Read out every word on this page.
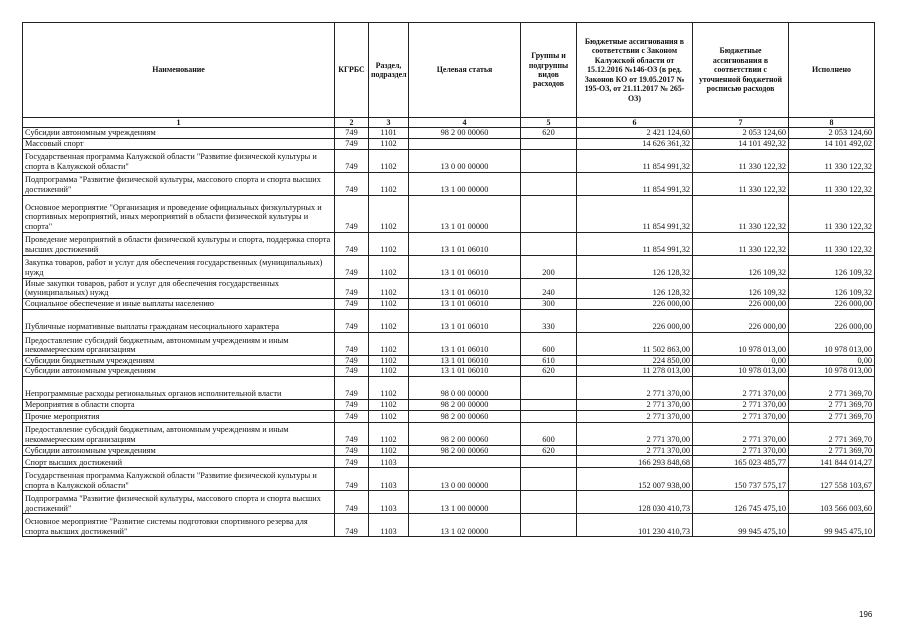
Наименование	КГРБС	Раздел, подраздел	Целевая статья	Группы и подгруппы видов расходов	Бюджетные ассигнования в соответствии с Законом Калужской области от 15.12.2016 №146-ОЗ (в ред. Законов КО от 19.05.2017 № 195-ОЗ, от 21.11.2017 № 265-ОЗ)	Бюджетные ассигнования в соответствии с уточненной бюджетной росписью расходов	Исполнено
1	2	3	4	5	6	7	8
Субсидии автономным учреждениям	749	1101	98 2 00 00060	620	2 421 124,60	2 053 124,60	2 053 124,60
Массовый спорт	749	1102			14 626 361,32	14 101 492,32	14 101 492,02
Государственная программа Калужской области "Развитие физической культуры и спорта в Калужской области"	749	1102	13 0 00 00000		11 854 991,32	11 330 122,32	11 330 122,32
Подпрограмма "Развитие физической культуры, массового спорта и спорта высших достижений"	749	1102	13 1 00 00000		11 854 991,32	11 330 122,32	11 330 122,32
Основное мероприятие "Организация и проведение официальных физкультурных и спортивных мероприятий, иных мероприятий в области физической культуры и спорта"	749	1102	13 1 01 00000		11 854 991,32	11 330 122,32	11 330 122,32
Проведение мероприятий в области физической культуры и спорта, поддержка спорта высших достижений	749	1102	13 1 01 06010		11 854 991,32	11 330 122,32	11 330 122,32
Закупка товаров, работ и услуг для обеспечения государственных (муниципальных) нужд	749	1102	13 1 01 06010	200	126 128,32	126 109,32	126 109,32
Иные закупки товаров, работ и услуг для обеспечения государственных (муниципальных) нужд	749	1102	13 1 01 06010	240	126 128,32	126 109,32	126 109,32
Социальное обеспечение и иные выплаты населению	749	1102	13 1 01 06010	300	226 000,00	226 000,00	226 000,00
Публичные нормативные выплаты гражданам несоциального характера	749	1102	13 1 01 06010	330	226 000,00	226 000,00	226 000,00
Предоставление субсидий бюджетным, автономным учреждениям и иным некоммерческим организациям	749	1102	13 1 01 06010	600	11 502 863,00	10 978 013,00	10 978 013,00
Субсидии бюджетным учреждениям	749	1102	13 1 01 06010	610	224 850,00	0,00	0,00
Субсидии автономным учреждениям	749	1102	13 1 01 06010	620	11 278 013,00	10 978 013,00	10 978 013,00
Непрограммные расходы региональных органов исполнительной власти	749	1102	98 0 00 00000		2 771 370,00	2 771 370,00	2 771 369,70
Мероприятия в области спорта	749	1102	98 2 00 00000		2 771 370,00	2 771 370,00	2 771 369,70
Прочие мероприятия	749	1102	98 2 00 00060		2 771 370,00	2 771 370,00	2 771 369,70
Предоставление субсидий бюджетным, автономным учреждениям и иным некоммерческим организациям	749	1102	98 2 00 00060	600	2 771 370,00	2 771 370,00	2 771 369,70
Субсидии автономным учреждениям	749	1102	98 2 00 00060	620	2 771 370,00	2 771 370,00	2 771 369,70
Спорт высших достижений	749	1103			166 293 848,68	165 023 485,77	141 844 014,27
Государственная программа Калужской области "Развитие физической культуры и спорта в Калужской области"	749	1103	13 0 00 00000		152 007 938,00	150 737 575,17	127 558 103,67
Подпрограмма "Развитие физической культуры, массового спорта и спорта высших достижений"	749	1103	13 1 00 00000		128 030 410,73	126 745 475,10	103 566 003,60
Основное мероприятие "Развитие системы подготовки спортивного резерва для спорта высших достижений"	749	1103	13 1 02 00000		101 230 410,73	99 945 475,10	99 945 475,10
196
